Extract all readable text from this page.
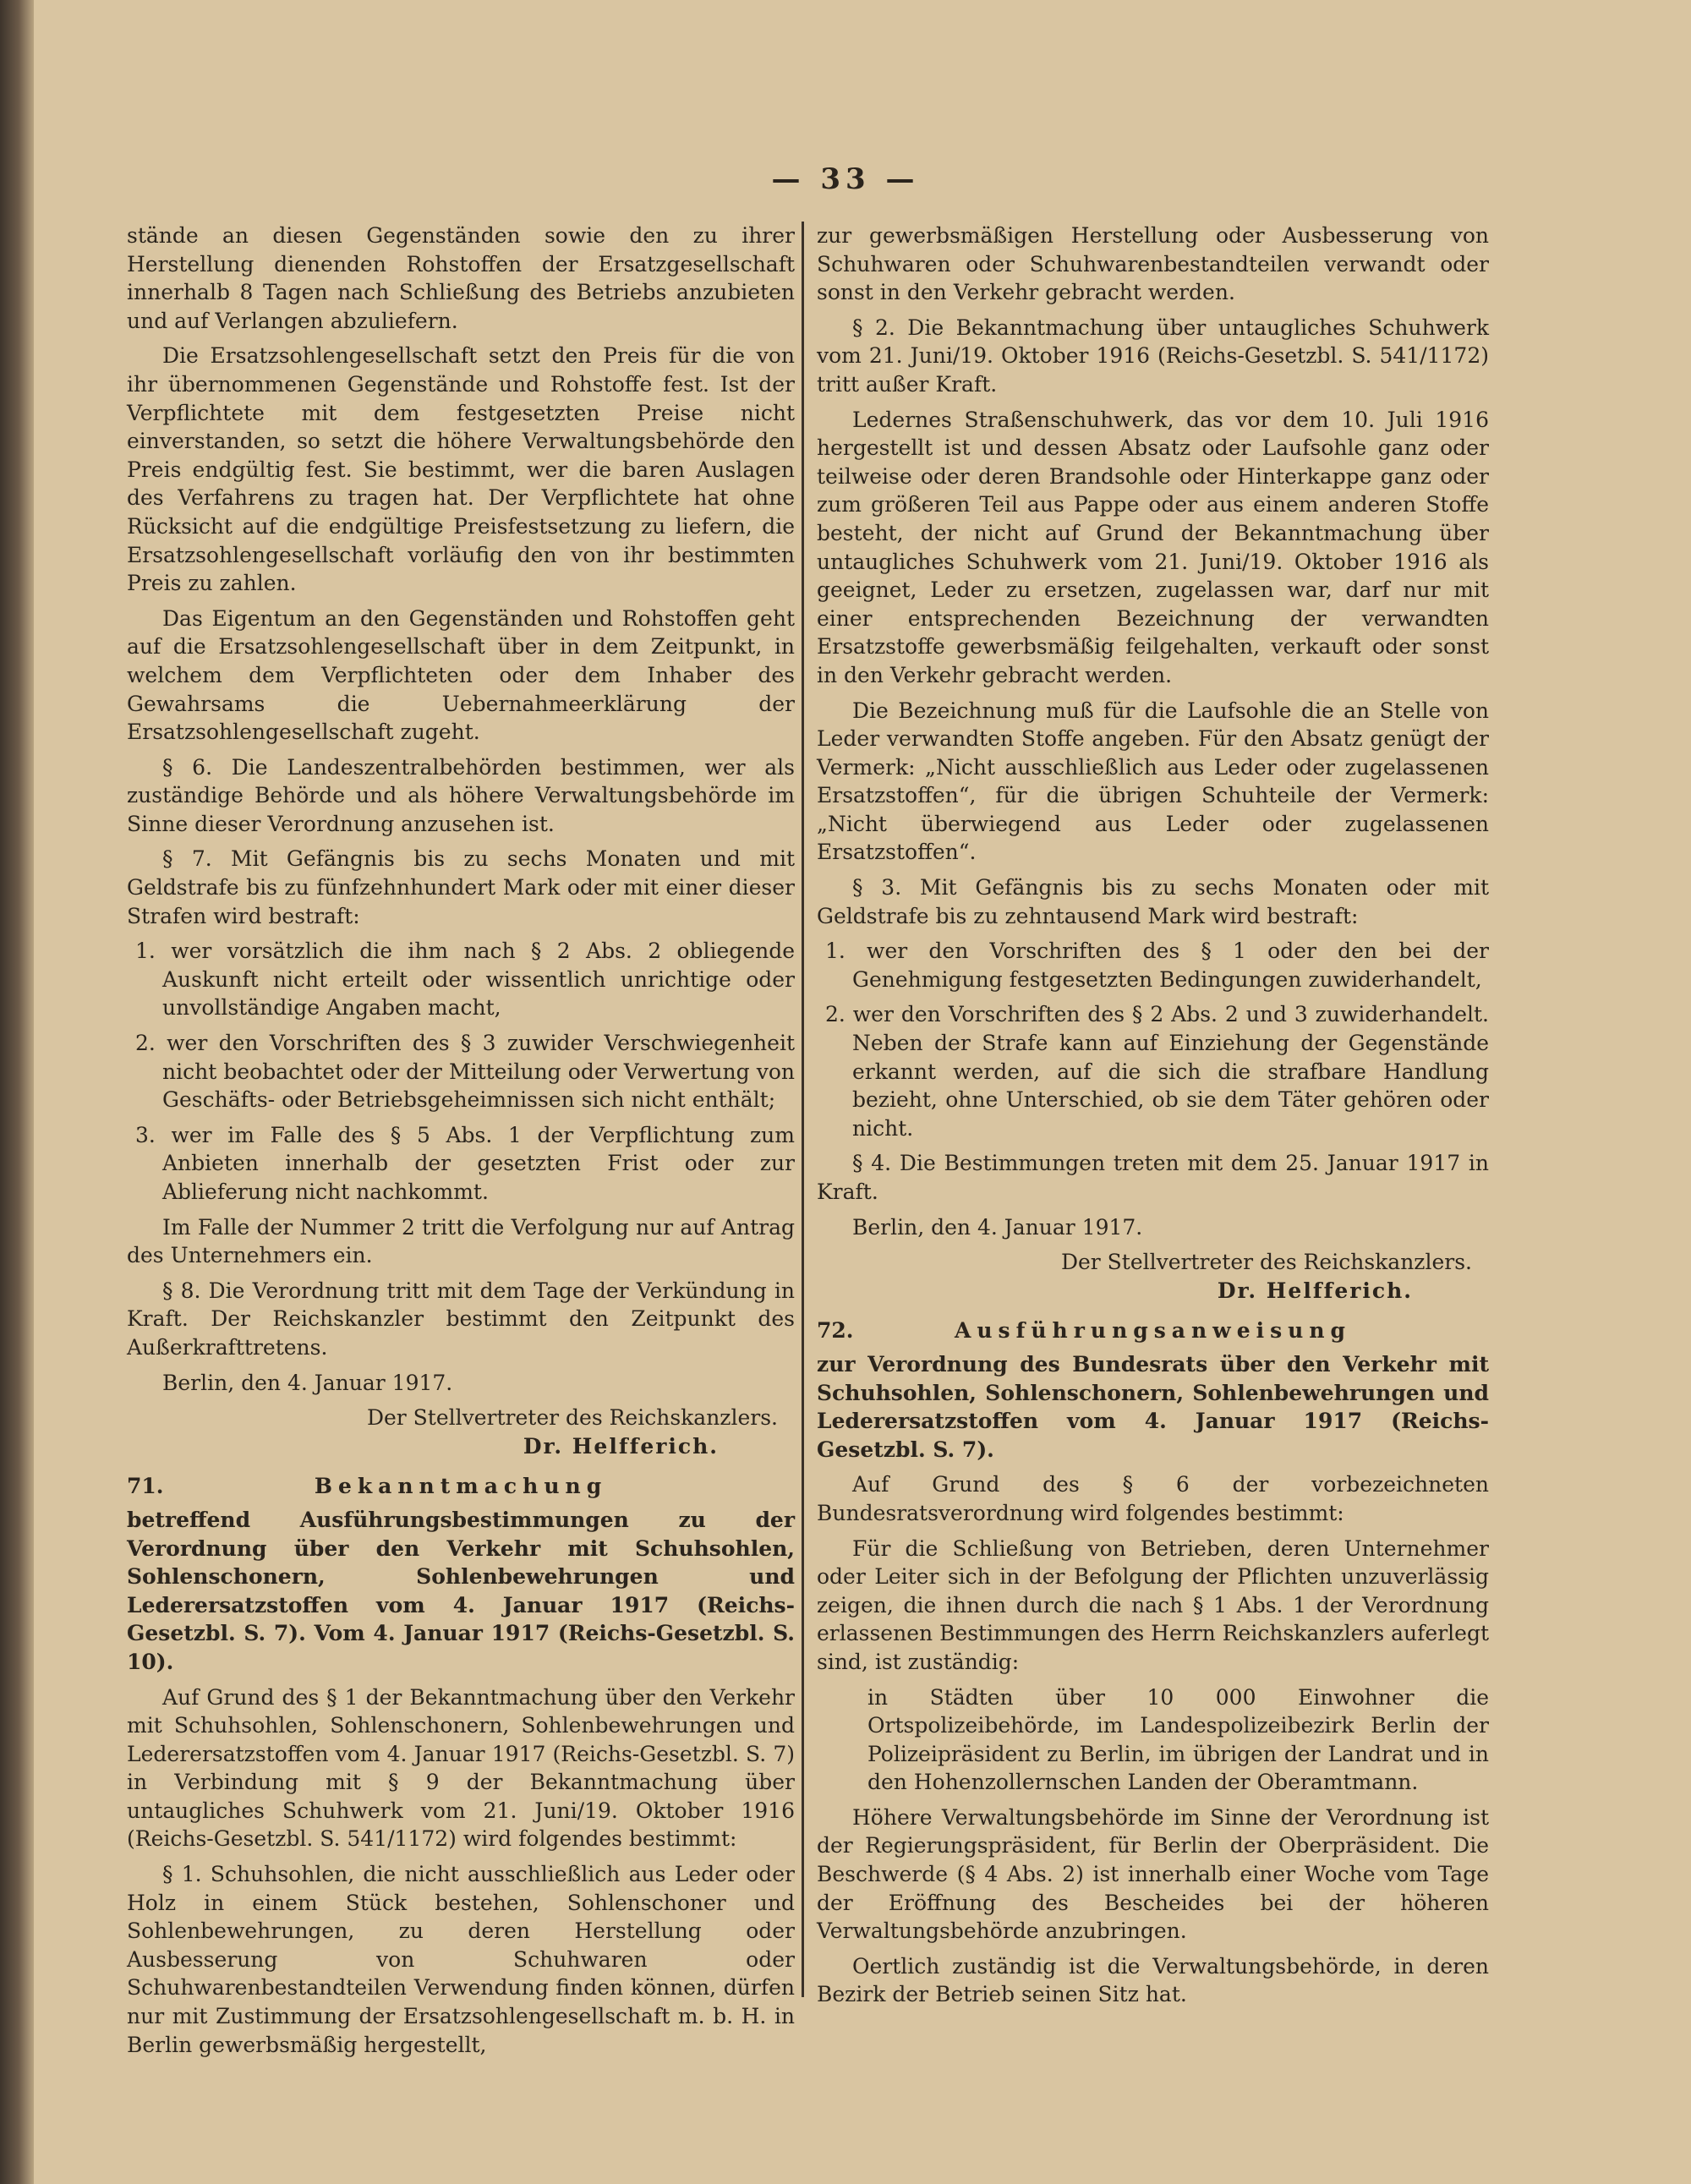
— 33 —

stände an diesen Gegenständen sowie den zu ihrer Herstellung dienenden Rohstoffen der Ersatzgesellschaft innerhalb 8 Tagen nach Schließung des Betriebs anzubieten und auf Verlangen abzuliefern.

Die Ersatzsohlengesellschaft setzt den Preis für die von ihr übernommenen Gegenstände und Rohstoffe fest. Ist der Verpflichtete mit dem festgesetzten Preise nicht einverstanden, so setzt die höhere Verwaltungsbehörde den Preis endgültig fest. Sie bestimmt, wer die baren Auslagen des Verfahrens zu tragen hat. Der Verpflichtete hat ohne Rücksicht auf die endgültige Preisfestsetzung zu liefern, die Ersatzsohlengesellschaft vorläufig den von ihr bestimmten Preis zu zahlen.

Das Eigentum an den Gegenständen und Rohstoffen geht auf die Ersatzsohlengesellschaft über in dem Zeitpunkt, in welchem dem Verpflichteten oder dem Inhaber des Gewahrsams die Uebernahmeerklärung der Ersatzsohlengesellschaft zugeht.

§ 6. Die Landeszentralbehörden bestimmen, wer als zuständige Behörde und als höhere Verwaltungsbehörde im Sinne dieser Verordnung anzusehen ist.

§ 7. Mit Gefängnis bis zu sechs Monaten und mit Geldstrafe bis zu fünfzehnhundert Mark oder mit einer dieser Strafen wird bestraft:

1. wer vorsätzlich die ihm nach § 2 Abs. 2 obliegende Auskunft nicht erteilt oder wissentlich unrichtige oder unvollständige Angaben macht,

2. wer den Vorschriften des § 3 zuwider Verschwiegenheit nicht beobachtet oder der Mitteilung oder Verwertung von Geschäfts- oder Betriebsgeheimnissen sich nicht enthält;

3. wer im Falle des § 5 Abs. 1 der Verpflichtung zum Anbieten innerhalb der gesetzten Frist oder zur Ablieferung nicht nachkommt.

Im Falle der Nummer 2 tritt die Verfolgung nur auf Antrag des Unternehmers ein.

§ 8. Die Verordnung tritt mit dem Tage der Verkündung in Kraft. Der Reichskanzler bestimmt den Zeitpunkt des Außerkrafttretens.

Berlin, den 4. Januar 1917.

Der Stellvertreter des Reichskanzlers.

Dr. Helfferich.

71.	Bekanntmachung

betreffend Ausführungsbestimmungen zu der Verordnung über den Verkehr mit Schuhsohlen, Sohlenschonern, Sohlenbewehrungen und Lederersatzstoffen vom 4. Januar 1917 (Reichs-Gesetzbl. S. 7). Vom 4. Januar 1917 (Reichs-Gesetzbl. S. 10).

Auf Grund des § 1 der Bekanntmachung über den Verkehr mit Schuhsohlen, Sohlenschonern, Sohlenbewehrungen und Lederersatzstoffen vom 4. Januar 1917 (Reichs-Gesetzbl. S. 7) in Verbindung mit § 9 der Bekanntmachung über untaugliches Schuhwerk vom 21. Juni/19. Oktober 1916 (Reichs-Gesetzbl. S. 541/1172) wird folgendes bestimmt:

§ 1. Schuhsohlen, die nicht ausschließlich aus Leder oder Holz in einem Stück bestehen, Sohlenschoner und Sohlenbewehrungen, zu deren Herstellung oder Ausbesserung von Schuhwaren oder Schuhwarenbestandteilen Verwendung finden können, dürfen nur mit Zustimmung der Ersatzsohlengesellschaft m. b. H. in Berlin gewerbsmäßig hergestellt,

zur gewerbsmäßigen Herstellung oder Ausbesserung von Schuhwaren oder Schuhwarenbestandteilen verwandt oder sonst in den Verkehr gebracht werden.

§ 2. Die Bekanntmachung über untaugliches Schuhwerk vom 21. Juni/19. Oktober 1916 (Reichs-Gesetzbl. S. 541/1172) tritt außer Kraft.

Ledernes Straßenschuhwerk, das vor dem 10. Juli 1916 hergestellt ist und dessen Absatz oder Laufsohle ganz oder teilweise oder deren Brandsohle oder Hinterkappe ganz oder zum größeren Teil aus Pappe oder aus einem anderen Stoffe besteht, der nicht auf Grund der Bekanntmachung über untaugliches Schuhwerk vom 21. Juni/19. Oktober 1916 als geeignet, Leder zu ersetzen, zugelassen war, darf nur mit einer entsprechenden Bezeichnung der verwandten Ersatzstoffe gewerbsmäßig feilgehalten, verkauft oder sonst in den Verkehr gebracht werden.

Die Bezeichnung muß für die Laufsohle die an Stelle von Leder verwandten Stoffe angeben. Für den Absatz genügt der Vermerk: „Nicht ausschließlich aus Leder oder zugelassenen Ersatzstoffen“, für die übrigen Schuhteile der Vermerk: „Nicht überwiegend aus Leder oder zugelassenen Ersatzstoffen“.

§ 3. Mit Gefängnis bis zu sechs Monaten oder mit Geldstrafe bis zu zehntausend Mark wird bestraft:

1. wer den Vorschriften des § 1 oder den bei der Genehmigung festgesetzten Bedingungen zuwiderhandelt,

2. wer den Vorschriften des § 2 Abs. 2 und 3 zuwiderhandelt. Neben der Strafe kann auf Einziehung der Gegenstände erkannt werden, auf die sich die strafbare Handlung bezieht, ohne Unterschied, ob sie dem Täter gehören oder nicht.

§ 4. Die Bestimmungen treten mit dem 25. Januar 1917 in Kraft.

Berlin, den 4. Januar 1917.

Der Stellvertreter des Reichskanzlers.

Dr. Helfferich.

72.	Ausführungsanweisung

zur Verordnung des Bundesrats über den Verkehr mit Schuhsohlen, Sohlenschonern, Sohlenbewehrungen und Lederersatzstoffen vom 4. Januar 1917 (Reichs-Gesetzbl. S. 7).

Auf Grund des § 6 der vorbezeichneten Bundesratsverordnung wird folgendes bestimmt:

Für die Schließung von Betrieben, deren Unternehmer oder Leiter sich in der Befolgung der Pflichten unzuverlässig zeigen, die ihnen durch die nach § 1 Abs. 1 der Verordnung erlassenen Bestimmungen des Herrn Reichskanzlers auferlegt sind, ist zuständig:

in Städten über 10 000 Einwohner die Ortspolizeibehörde, im Landespolizeibezirk Berlin der Polizeipräsident zu Berlin, im übrigen der Landrat und in den Hohenzollernschen Landen der Oberamtmann.

Höhere Verwaltungsbehörde im Sinne der Verordnung ist der Regierungspräsident, für Berlin der Oberpräsident. Die Beschwerde (§ 4 Abs. 2) ist innerhalb einer Woche vom Tage der Eröffnung des Bescheides bei der höheren Verwaltungsbehörde anzubringen.

Oertlich zuständig ist die Verwaltungsbehörde, in deren Bezirk der Betrieb seinen Sitz hat.
